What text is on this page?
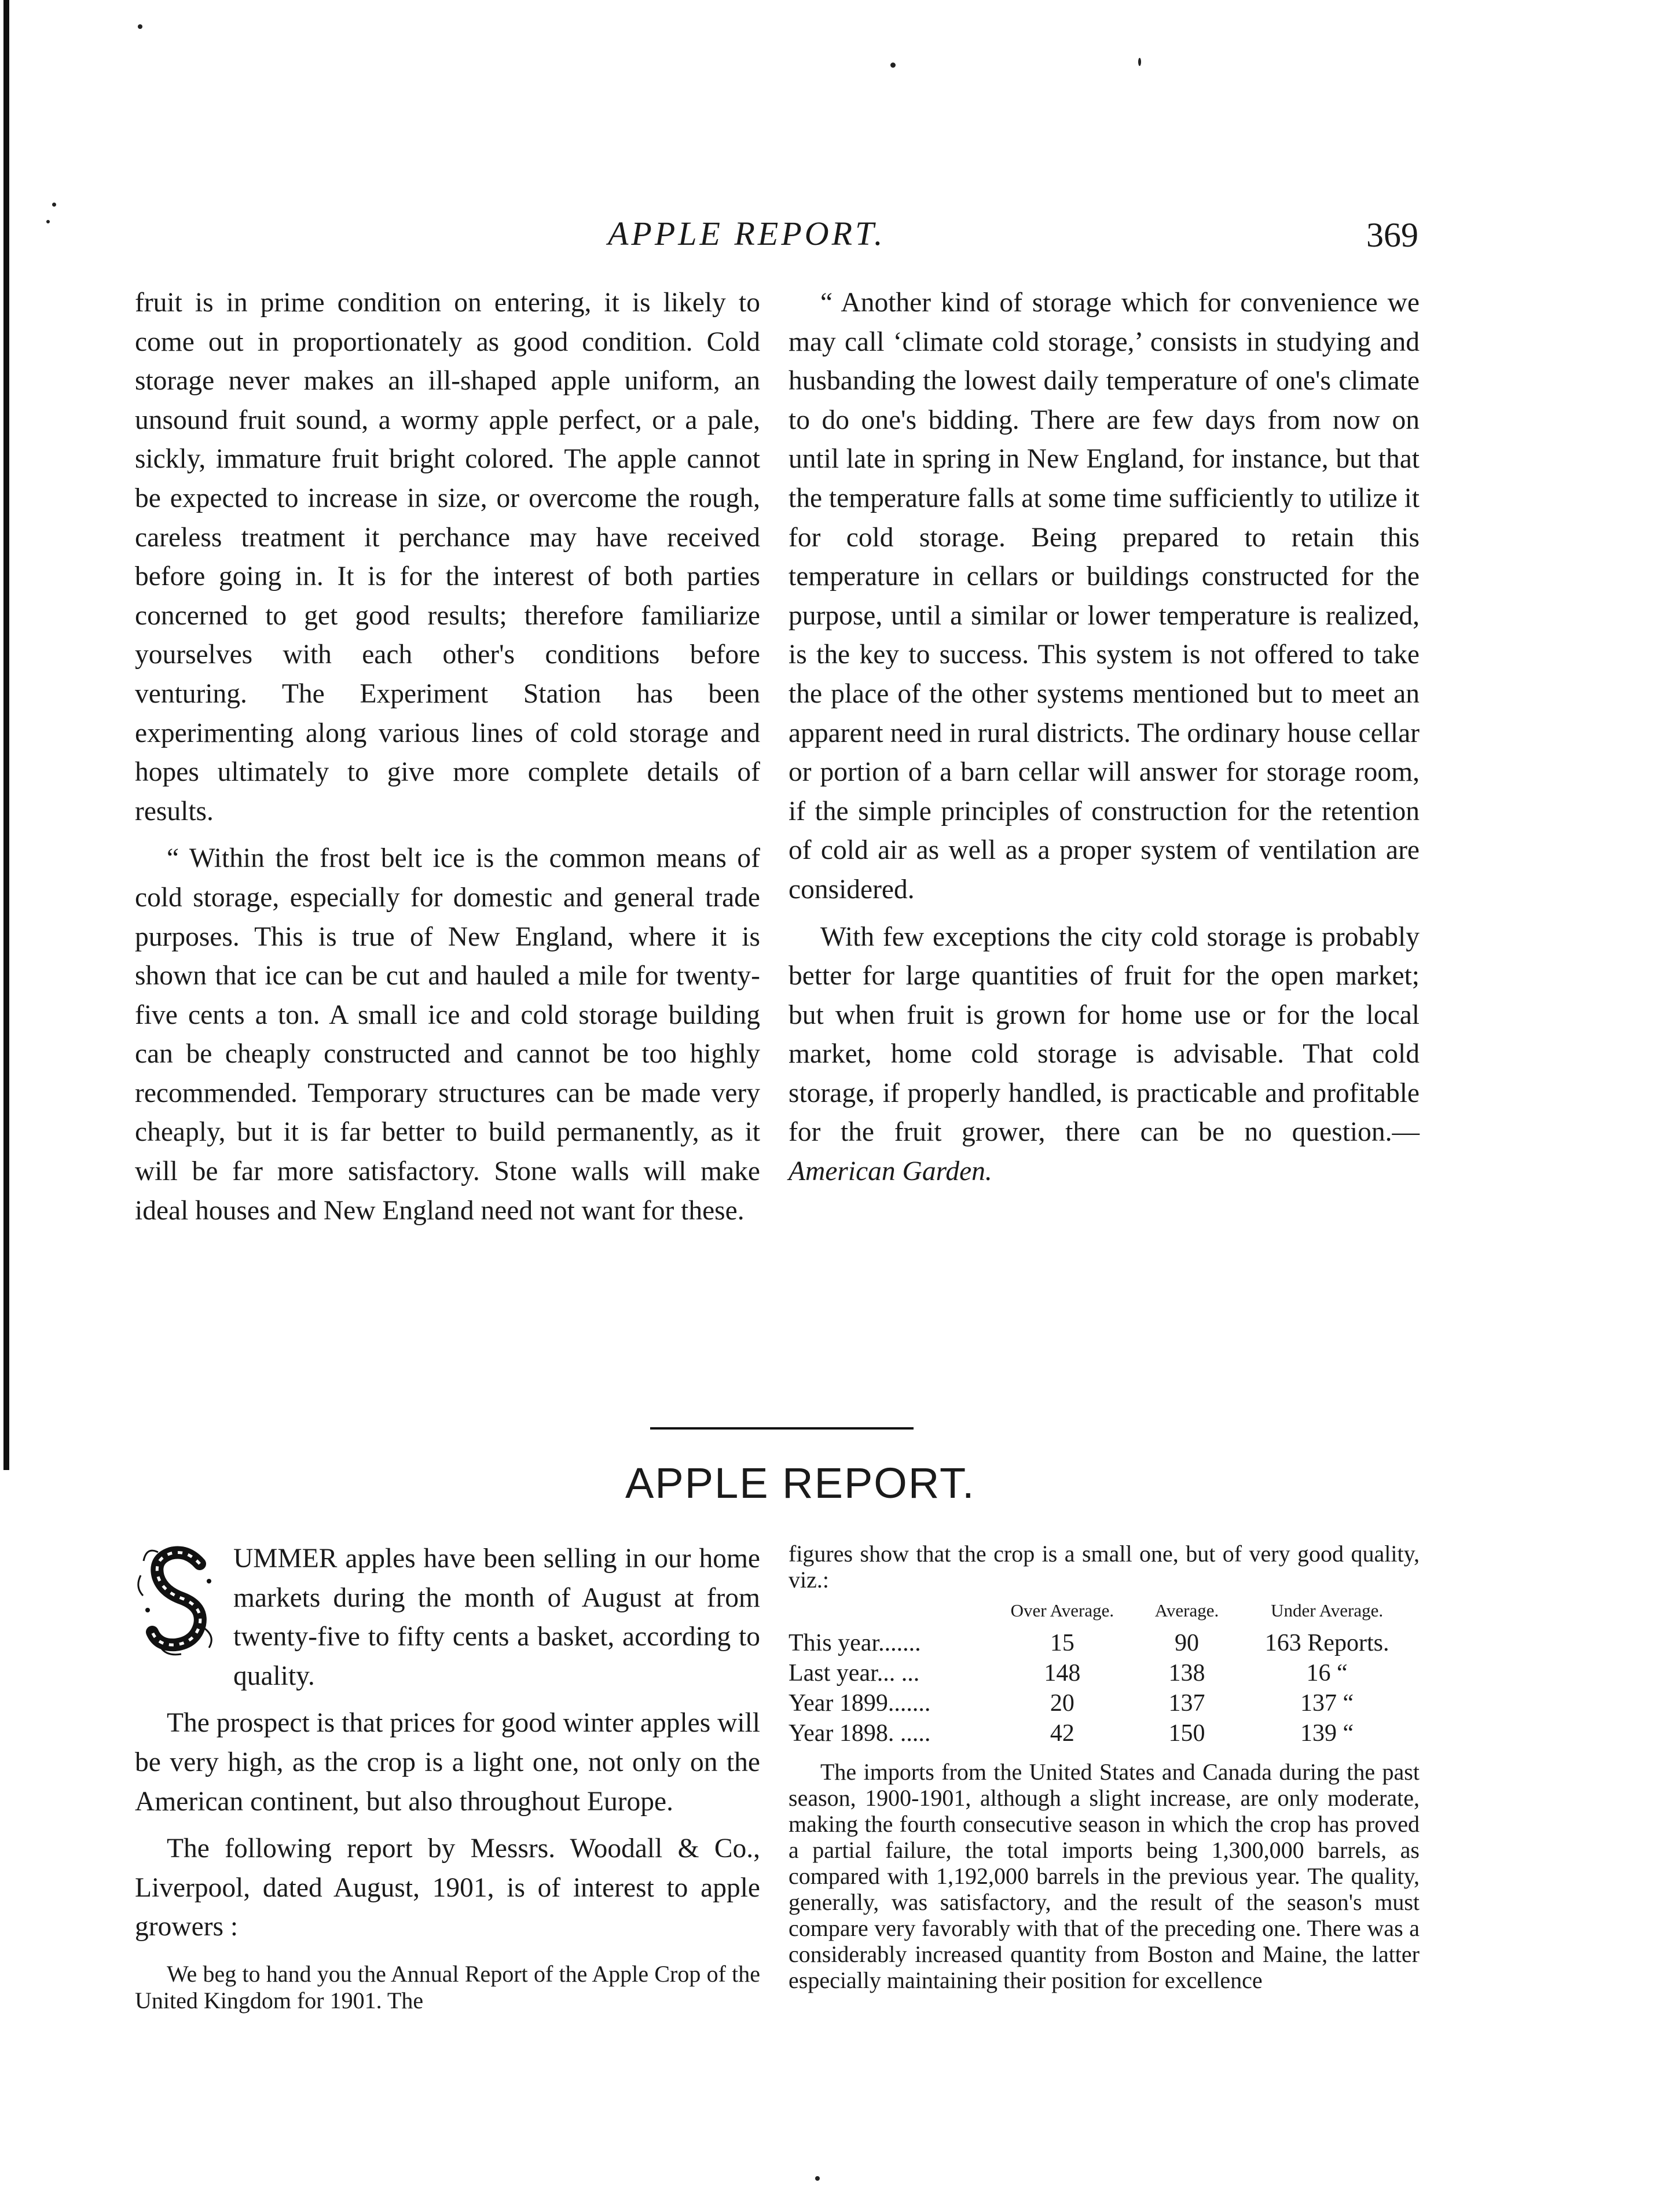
APPLE REPORT.	369

fruit is in prime condition on entering, it is likely to come out in proportionately as good condition. Cold storage never makes an ill-shaped apple uniform, an unsound fruit sound, a wormy apple perfect, or a pale, sickly, immature fruit bright colored. The apple cannot be expected to increase in size, or overcome the rough, careless treatment it perchance may have received before going in. It is for the interest of both parties concerned to get good results; therefore familiarize yourselves with each other's conditions before venturing. The Experiment Station has been experimenting along various lines of cold storage and hopes ultimately to give more complete details of results.

“ Within the frost belt ice is the common means of cold storage, especially for domestic and general trade purposes. This is true of New England, where it is shown that ice can be cut and hauled a mile for twenty-five cents a ton. A small ice and cold storage building can be cheaply constructed and cannot be too highly recommended. Temporary structures can be made very cheaply, but it is far better to build permanently, as it will be far more satisfactory. Stone walls will make ideal houses and New England need not want for these.

“ Another kind of storage which for convenience we may call ‘climate cold storage,’ consists in studying and husbanding the lowest daily temperature of one's climate to do one's bidding. There are few days from now on until late in spring in New England, for instance, but that the temperature falls at some time sufficiently to utilize it for cold storage. Being prepared to retain this temperature in cellars or buildings constructed for the purpose, until a similar or lower temperature is realized, is the key to success. This system is not offered to take the place of the other systems mentioned but to meet an apparent need in rural districts. The ordinary house cellar or portion of a barn cellar will answer for storage room, if the simple principles of construction for the retention of cold air as well as a proper system of ventilation are considered.

With few exceptions the city cold storage is probably better for large quantities of fruit for the open market; but when fruit is grown for home use or for the local market, home cold storage is advisable. That cold storage, if properly handled, is practicable and profitable for the fruit grower, there can be no question.—American Garden.

APPLE REPORT.

UMMER apples have been selling in our home markets during the month of August at from twenty-five to fifty cents a basket, according to quality.

The prospect is that prices for good winter apples will be very high, as the crop is a light one, not only on the American continent, but also throughout Europe.

The following report by Messrs. Woodall & Co., Liverpool, dated August, 1901, is of interest to apple growers :

We beg to hand you the Annual Report of the Apple Crop of the United Kingdom for 1901. The

figures show that the crop is a small one, but of very good quality, viz.:

	Over Average.	Average.	Under Average.
This year.......	15	90	163 Reports.
Last year... ...	148	138	16 “
Year 1899.......	20	137	137 “
Year 1898. .....	42	150	139 “

The imports from the United States and Canada during the past season, 1900-1901, although a slight increase, are only moderate, making the fourth consecutive season in which the crop has proved a partial failure, the total imports being 1,300,000 barrels, as compared with 1,192,000 barrels in the previous year. The quality, generally, was satisfactory, and the result of the season's must compare very favorably with that of the preceding one. There was a considerably increased quantity from Boston and Maine, the latter especially maintaining their position for excellence
